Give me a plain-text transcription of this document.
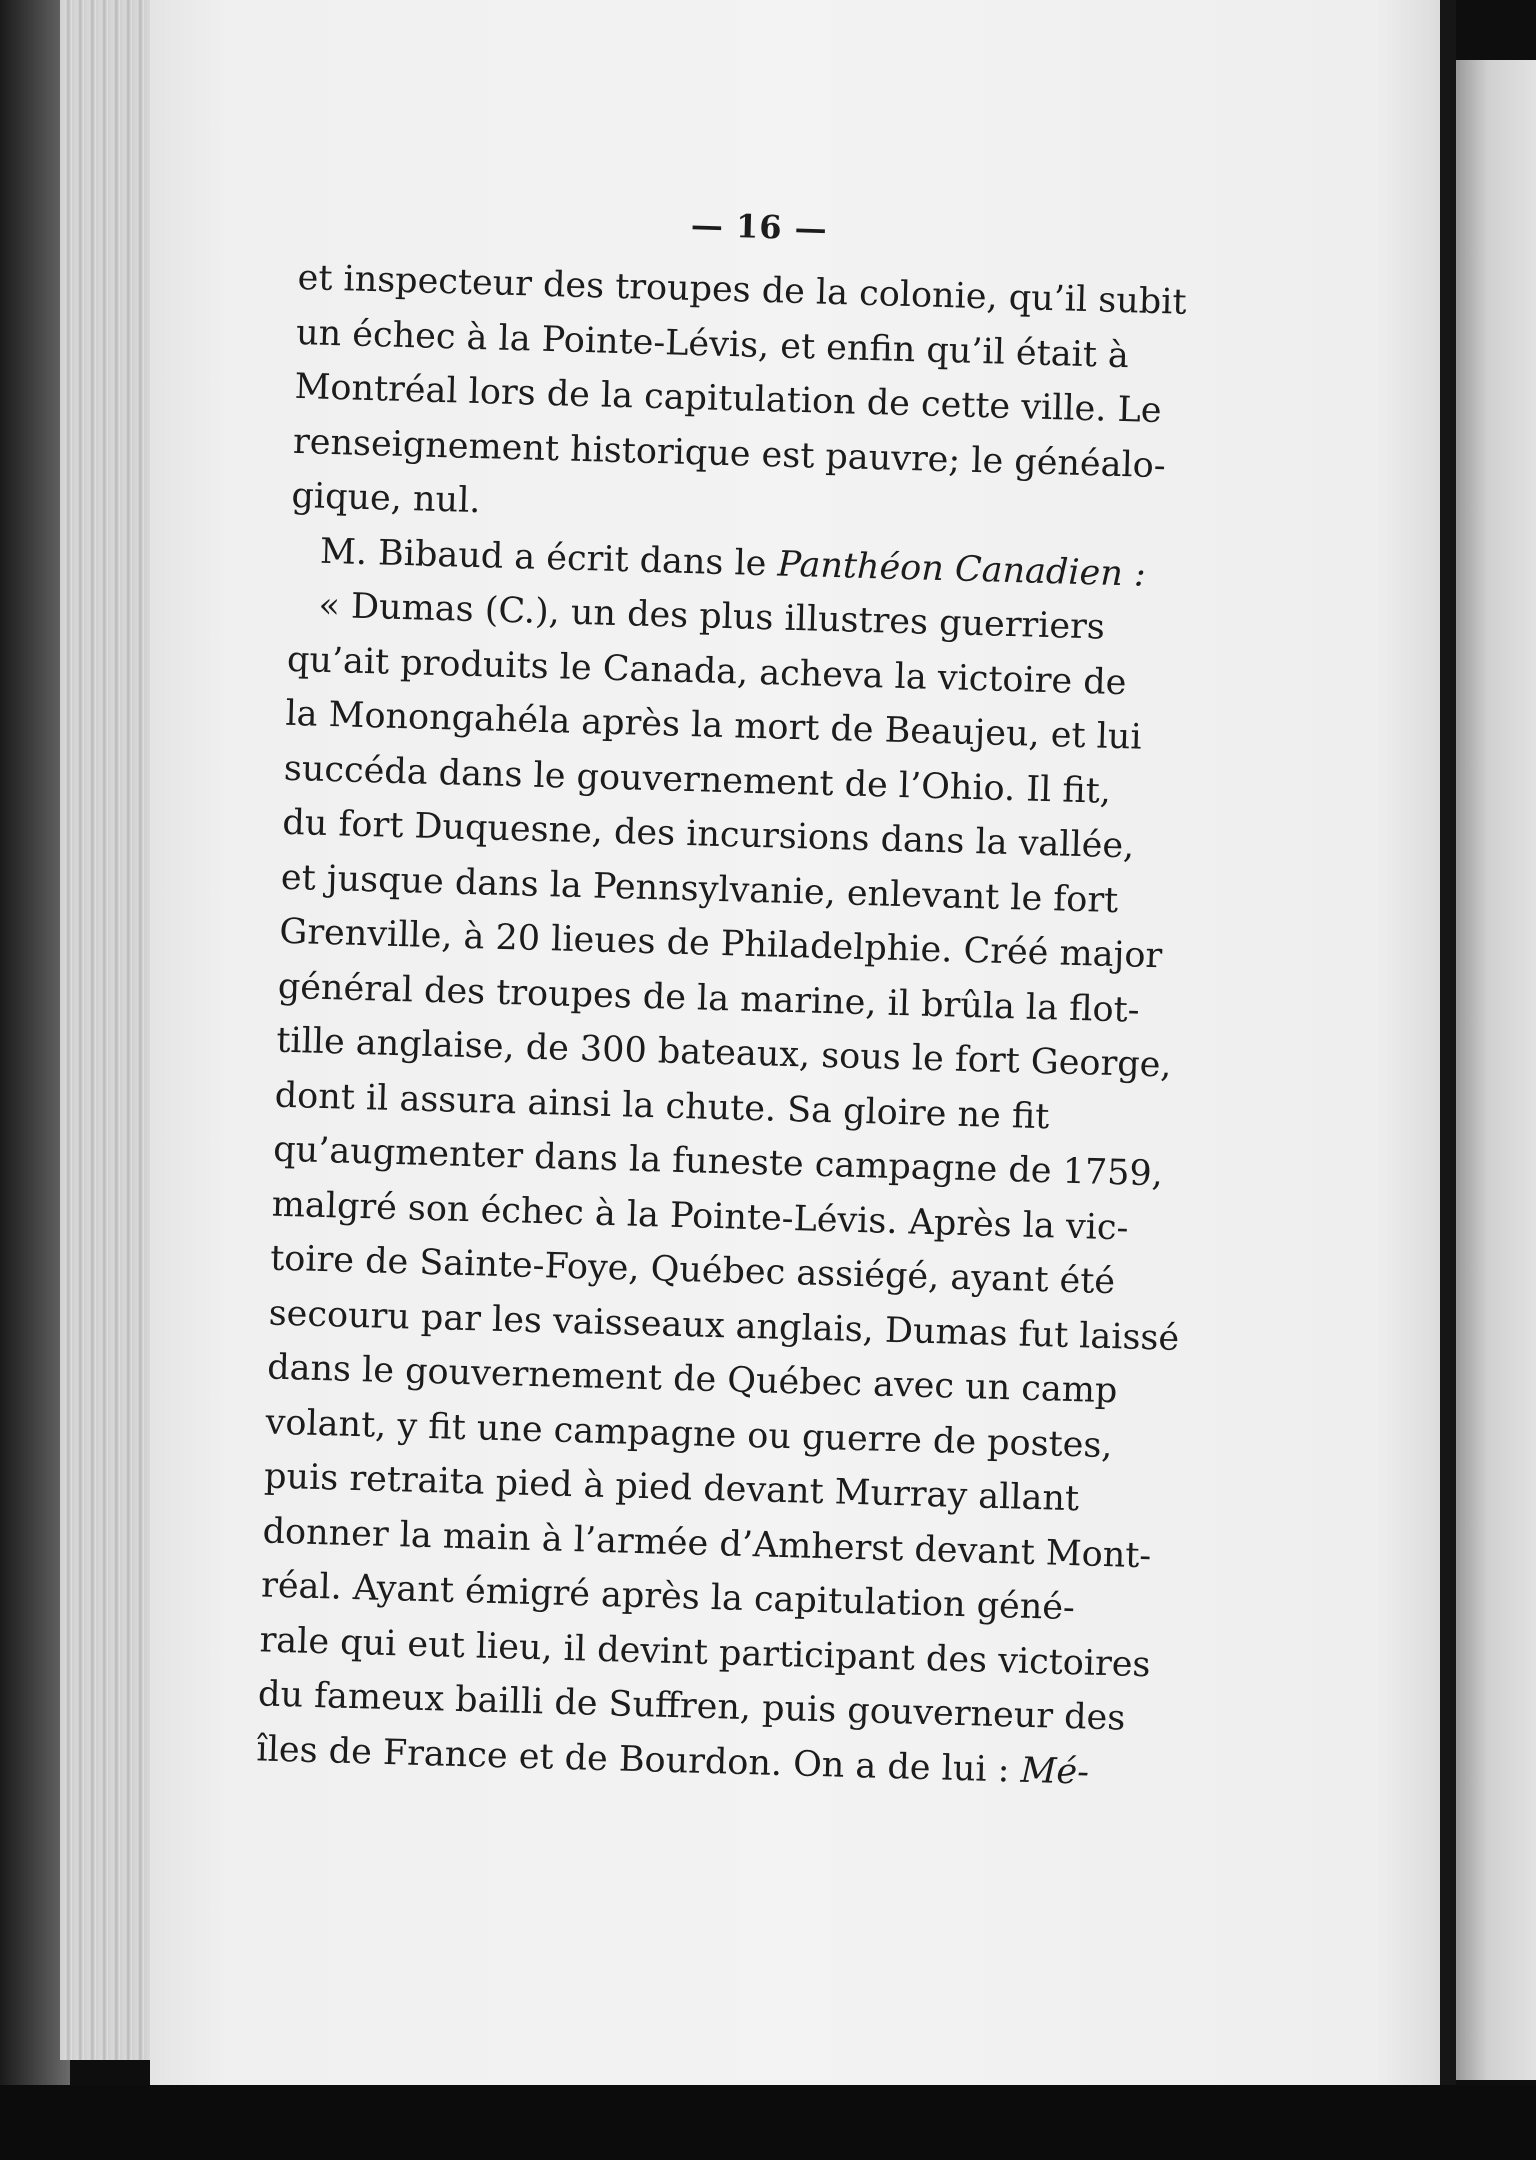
— 16 —

et inspecteur des troupes de la colonie, qu’il subit
un échec à la Pointe-Lévis, et enfin qu’il était à
Montréal lors de la capitulation de cette ville. Le
renseignement historique est pauvre; le généalo-
gique, nul.

M. Bibaud a écrit dans le Panthéon Canadien :

« Dumas (C.), un des plus illustres guerriers
qu’ait produits le Canada, acheva la victoire de
la Monongahéla après la mort de Beaujeu, et lui
succéda dans le gouvernement de l’Ohio. Il fit,
du fort Duquesne, des incursions dans la vallée,
et jusque dans la Pennsylvanie, enlevant le fort
Grenville, à 20 lieues de Philadelphie. Créé major
général des troupes de la marine, il brûla la flot-
tille anglaise, de 300 bateaux, sous le fort George,
dont il assura ainsi la chute. Sa gloire ne fit
qu’augmenter dans la funeste campagne de 1759,
malgré son échec à la Pointe-Lévis. Après la vic-
toire de Sainte-Foye, Québec assiégé, ayant été
secouru par les vaisseaux anglais, Dumas fut laissé
dans le gouvernement de Québec avec un camp
volant, y fit une campagne ou guerre de postes,
puis retraita pied à pied devant Murray allant
donner la main à l’armée d’Amherst devant Mont-
réal. Ayant émigré après la capitulation géné-
rale qui eut lieu, il devint participant des victoires
du fameux bailli de Suffren, puis gouverneur des
îles de France et de Bourdon. On a de lui : Mé-
